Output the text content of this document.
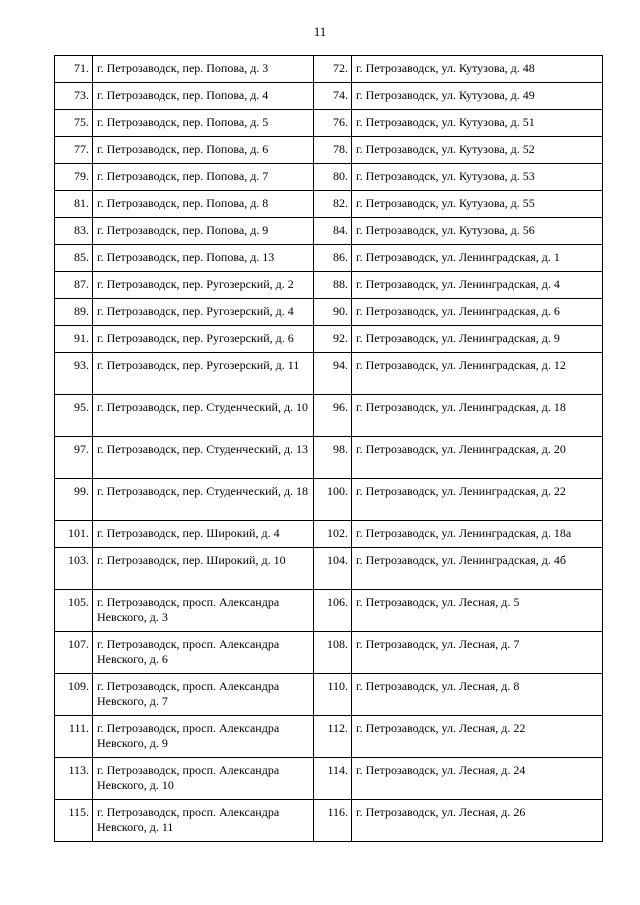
11
71.	г. Петрозаводск, пер. Попова, д. 3	72.	г. Петрозаводск, ул. Кутузова, д. 48
73.	г. Петрозаводск, пер. Попова, д. 4	74.	г. Петрозаводск, ул. Кутузова, д. 49
75.	г. Петрозаводск, пер. Попова, д. 5	76.	г. Петрозаводск, ул. Кутузова, д. 51
77.	г. Петрозаводск, пер. Попова, д. 6	78.	г. Петрозаводск, ул. Кутузова, д. 52
79.	г. Петрозаводск, пер. Попова, д. 7	80.	г. Петрозаводск, ул. Кутузова, д. 53
81.	г. Петрозаводск, пер. Попова, д. 8	82.	г. Петрозаводск, ул. Кутузова, д. 55
83.	г. Петрозаводск, пер. Попова, д. 9	84.	г. Петрозаводск, ул. Кутузова, д. 56
85.	г. Петрозаводск, пер. Попова, д. 13	86.	г. Петрозаводск, ул. Ленинградская, д. 1
87.	г. Петрозаводск, пер. Ругозерский, д. 2	88.	г. Петрозаводск, ул. Ленинградская, д. 4
89.	г. Петрозаводск, пер. Ругозерский, д. 4	90.	г. Петрозаводск, ул. Ленинградская, д. 6
91.	г. Петрозаводск, пер. Ругозерский, д. 6	92.	г. Петрозаводск, ул. Ленинградская, д. 9
93.	г. Петрозаводск, пер. Ругозерский, д. 11	94.	г. Петрозаводск, ул. Ленинградская, д. 12
95.	г. Петрозаводск, пер. Студенческий, д. 10	96.	г. Петрозаводск, ул. Ленинградская, д. 18
97.	г. Петрозаводск, пер. Студенческий, д. 13	98.	г. Петрозаводск, ул. Ленинградская, д. 20
99.	г. Петрозаводск, пер. Студенческий, д. 18	100.	г. Петрозаводск, ул. Ленинградская, д. 22
101.	г. Петрозаводск, пер. Широкий, д. 4	102.	г. Петрозаводск, ул. Ленинградская, д. 18а
103.	г. Петрозаводск, пер. Широкий, д. 10	104.	г. Петрозаводск, ул. Ленинградская, д. 4б
105.	г. Петрозаводск, просп. Александра Невского, д. 3	106.	г. Петрозаводск, ул. Лесная, д. 5
107.	г. Петрозаводск, просп. Александра Невского, д. 6	108.	г. Петрозаводск, ул. Лесная, д. 7
109.	г. Петрозаводск, просп. Александра Невского, д. 7	110.	г. Петрозаводск, ул. Лесная, д. 8
111.	г. Петрозаводск, просп. Александра Невского, д. 9	112.	г. Петрозаводск, ул. Лесная, д. 22
113.	г. Петрозаводск, просп. Александра Невского, д. 10	114.	г. Петрозаводск, ул. Лесная, д. 24
115.	г. Петрозаводск, просп. Александра Невского, д. 11	116.	г. Петрозаводск, ул. Лесная, д. 26
